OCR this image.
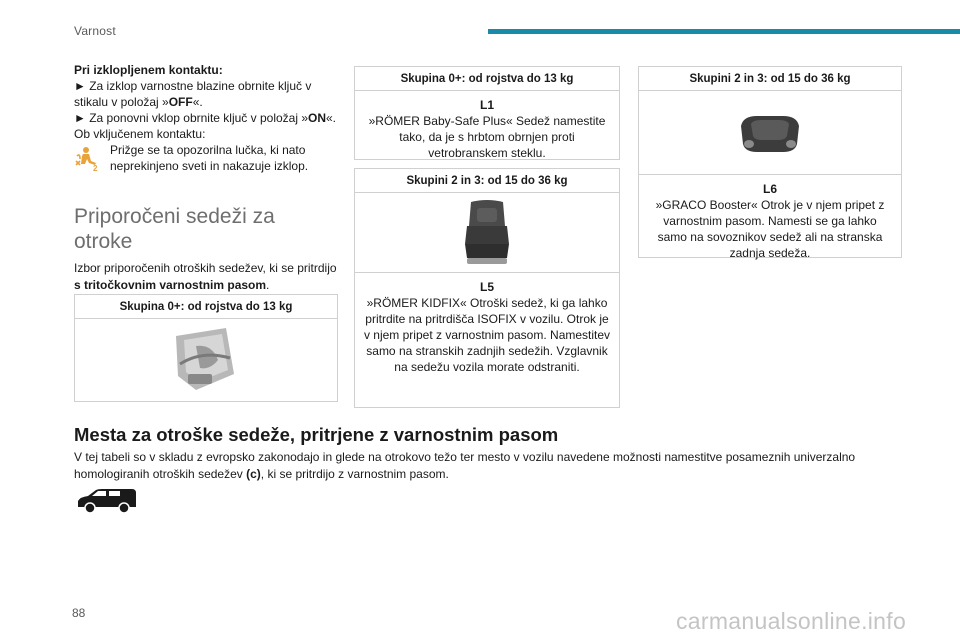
Varnost
Pri izklopljenem kontaktu:
► Za izklop varnostne blazine obrnite ključ v stikalu v položaj »OFF«.
► Za ponovni vklop obrnite ključ v položaj »ON«.
Ob vključenem kontaktu:
2
Prižge se ta opozorilna lučka, ki nato neprekinjeno sveti in nakazuje izklop.
Priporočeni sedeži za otroke
Izbor priporočenih otroških sedežev, ki se pritrdijo s tritočkovnim varnostnim pasom.
Skupina 0+: od rojstva do 13 kg
Skupina 0+: od rojstva do 13 kg
L1
»RÖMER Baby-Safe Plus« Sedež namestite tako, da je s hrbtom obrnjen proti vetrobranskem steklu.
Skupini 2 in 3: od 15 do 36 kg
L5
»RÖMER KIDFIX« Otroški sedež, ki ga lahko pritrdite na pritrdišča ISOFIX v vozilu. Otrok je v njem pripet z varnostnim pasom. Namestitev samo na stranskih zadnjih sedežih. Vzglavnik na sedežu vozila morate odstraniti.
Skupini 2 in 3: od 15 do 36 kg
L6
»GRACO Booster« Otrok je v njem pripet z varnostnim pasom. Namesti se ga lahko samo na sovoznikov sedež ali na stranska zadnja sedeža.
Mesta za otroške sedeže, pritrjene z varnostnim pasom
V tej tabeli so v skladu z evropsko zakonodajo in glede na otrokovo težo ter mesto v vozilu navedene možnosti namestitve posameznih univerzalno homologiranih otroških sedežev (c), ki se pritrdijo z varnostnim pasom.
88	carmanualsonline.info
